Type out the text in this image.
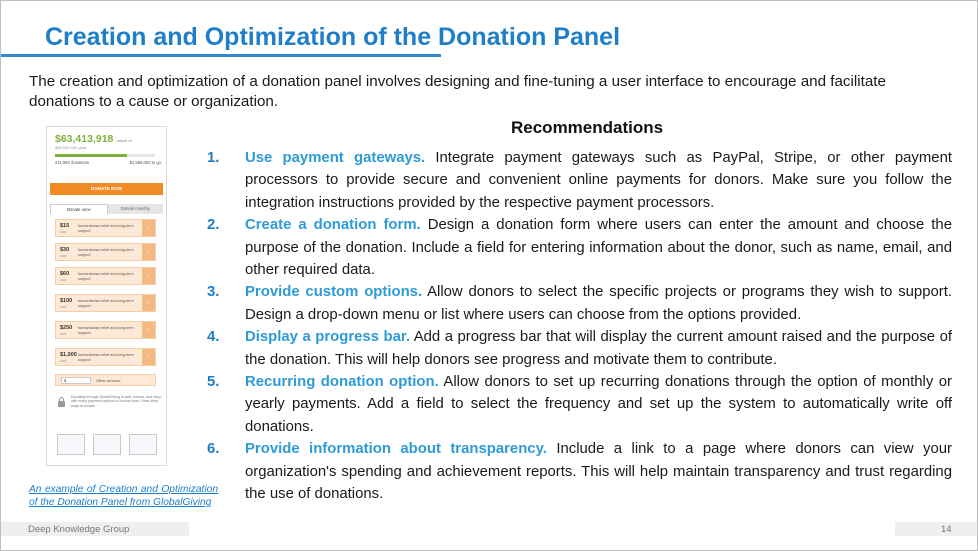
Creation and Optimization of the Donation Panel
The creation and optimization of a donation panel involves designing and fine-tuning a user interface to encourage and facilitate donations to a cause or organization.
$63,413,918 raised of
$85,000,000 goal
211,992 donations	$1,586,082 to go
DONATE NOW
Donate once	Donate monthly
$15
USD
humanitarian relief and long-term support	›
$30
USD
humanitarian relief and long-term support	›
$60
USD
humanitarian relief and long-term support	›
$100
USD
humanitarian relief and long-term support	›
$250
USD
humanitarian relief and long-term support	›
$1,000
USD
humanitarian relief and long-term support	›
$	Other amount
Donating through GlobalGiving is safe, secure, and easy with many payment options to choose from. View other ways to donate
An example of Creation and Optimization of the Donation Panel from GlobalGiving
Recommendations
1. Use payment gateways. Integrate payment gateways such as PayPal, Stripe, or other payment processors to provide secure and convenient online payments for donors. Make sure you follow the integration instructions provided by the respective payment processors.
2. Create a donation form. Design a donation form where users can enter the amount and choose the purpose of the donation. Include a field for entering information about the donor, such as name, email, and other required data.
3. Provide custom options. Allow donors to select the specific projects or programs they wish to support. Design a drop-down menu or list where users can choose from the options provided.
4. Display a progress bar. Add a progress bar that will display the current amount raised and the purpose of the donation. This will help donors see progress and motivate them to contribute.
5. Recurring donation option. Allow donors to set up recurring donations through the option of monthly or yearly payments. Add a field to select the frequency and set up the system to automatically write off donations.
6. Provide information about transparency. Include a link to a page where donors can view your organization's spending and achievement reports. This will help maintain transparency and trust regarding the use of donations.
Deep Knowledge Group	14
